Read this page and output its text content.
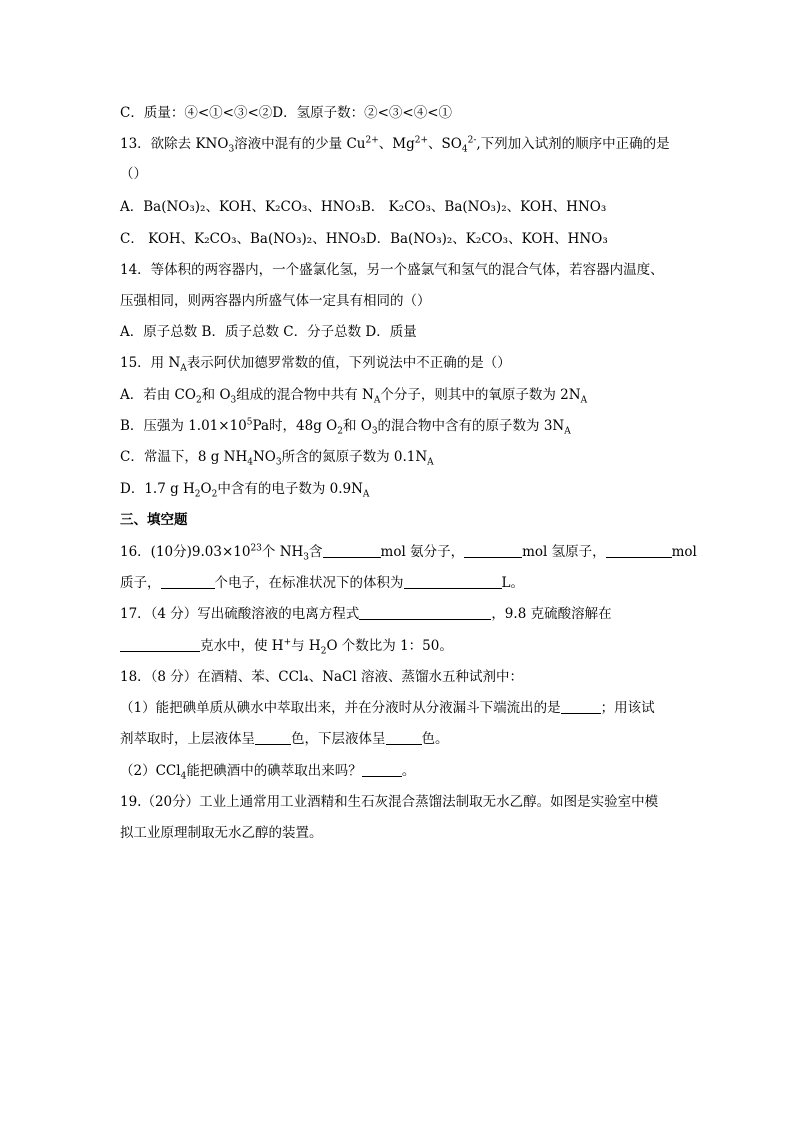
C．质量：④<①<③<②D．氢原子数：②<③<④<①
13．欲除去 $KNO_3$溶液中混有的少量 $Cu^{2+}$、$Mg^{2+}$、$SO_4^{2-}$,下列加入试剂的顺序中正确的是
（）
A．Ba(NO₃)₂、KOH、K₂CO₃、HNO₃B． K₂CO₃、Ba(NO₃)₂、KOH、HNO₃
C． KOH、K₂CO₃、Ba(NO₃)₂、HNO₃D．Ba(NO₃)₂、K₂CO₃、KOH、HNO₃
14．等体积的两容器内，一个盛氯化氢，另一个盛氯气和氢气的混合气体，若容器内温度、
压强相同，则两容器内所盛气体一定具有相同的（）
A．原子总数 B．质子总数 C．分子总数 D．质量
15．用 $N_A$表示阿伏加德罗常数的值，下列说法中不正确的是（）
A．若由 $CO_2$和 $O_3$组成的混合物中共有 $N_A$个分子，则其中的氧原子数为 $2N_A$
B．压强为 $1.01\times 10^5Pa$时，48g $O_2$和 $O_3$的混合物中含有的原子数为 $3N_A$
C．常温下，8 g $NH_4NO_3$所含的氮原子数为 $0.1N_A$
D．1.7 g $H_2O_2$中含有的电子数为 $0.9N_A$
三、填空题
16．(10分)$9.03\times 10^{23}$个 $NH_3$含	mol 氨分子，	mol 氢原子，	mol
质子，	个电子，在标准状况下的体积为	L。
17．（4 分）写出硫酸溶液的电离方程式	，9.8 克硫酸溶解在
克水中，使 H+与 $H_2O$ 个数比为 1：50。
18．（8 分）在酒精、苯、CCl₄、NaCl 溶液、蒸馏水五种试剂中：
（1）能把碘单质从碘水中萃取出来，并在分液时从分液漏斗下端流出的是	；用该试
剂萃取时，上层液体呈	色，下层液体呈	色。
（2）CCl$_4$能把碘酒中的碘萃取出来吗？	。
19.（20分）工业上通常用工业酒精和生石灰混合蒸馏法制取无水乙醇。如图是实验室中模
拟工业原理制取无水乙醇的装置。
